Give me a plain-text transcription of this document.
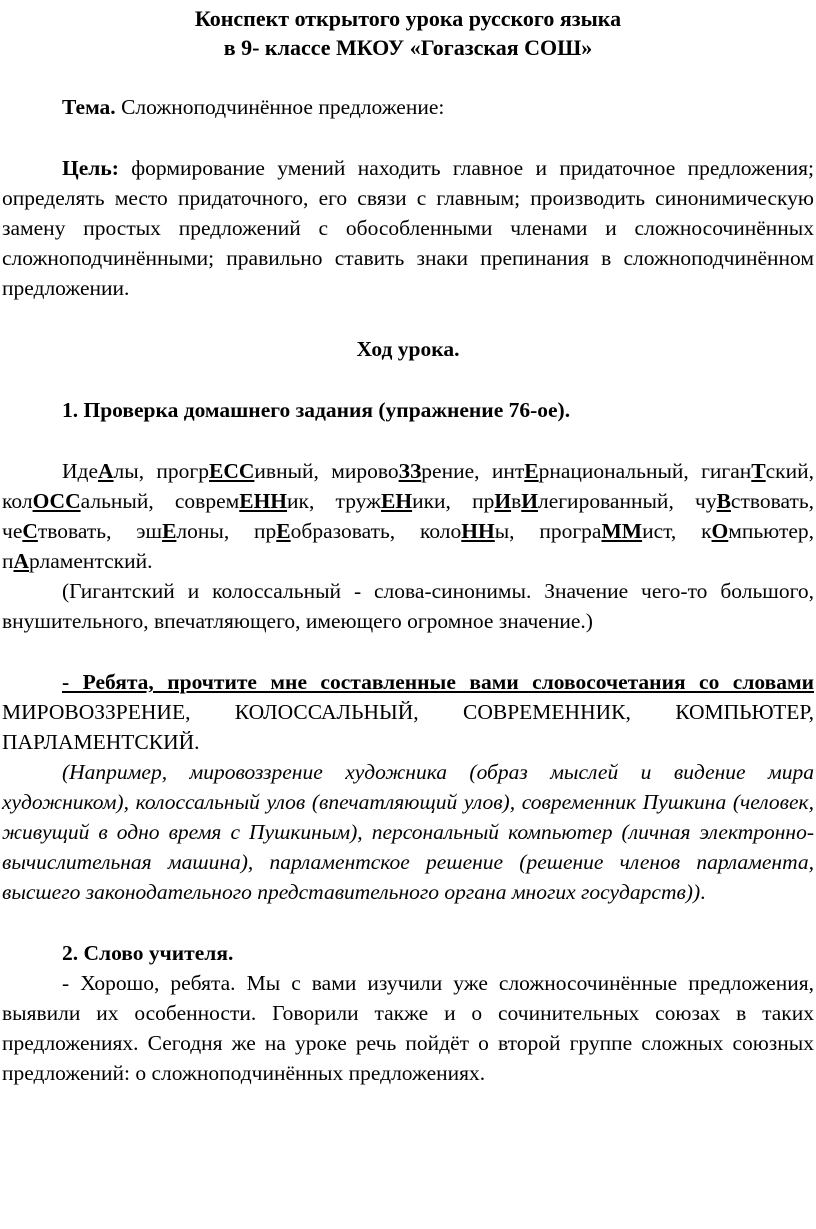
Конспект открытого урока русского языка
в 9- классе МКОУ «Гогазская СОШ»

Тема. Сложноподчинённое предложение:

Цель: формирование умений находить главное и придаточное предложения; определять место придаточного, его связи с главным; производить синонимическую замену простых предложений с обособленными членами и сложносочинённых сложноподчинёнными; правильно ставить знаки препинания в сложноподчинённом предложении.

Ход урока.

1. Проверка домашнего задания (упражнение 76-ое).

ИдеАлы, прогрЕССивный, мировоЗЗрение, интЕрнациональный, гиганТский, колОССальный, совремЕННик, тружЕНики, прИвИлегированный, чуВствовать, чеСтвовать, эшЕлоны, прЕобразовать, колоННы, програММист, кОмпьютер, пАрламентский.

(Гигантский и колоссальный - слова-синонимы. Значение чего-то большого, внушительного, впечатляющего, имеющего огромное значение.)

- Ребята, прочтите мне составленные вами словосочетания со словами МИРОВОЗЗРЕНИЕ, КОЛОССАЛЬНЫЙ, СОВРЕМЕННИК, КОМПЬЮТЕР, ПАРЛАМЕНТСКИЙ.

(Например, мировоззрение художника (образ мыслей и видение мира художником), колоссальный улов (впечатляющий улов), современник Пушкина (человек, живущий в одно время с Пушкиным), персональный компьютер (личная электронно-вычислительная машина), парламентское решение (решение членов парламента, высшего законодательного представительного органа многих государств)).

2. Слово учителя.

- Хорошо, ребята. Мы с вами изучили уже сложносочинённые предложения, выявили их особенности. Говорили также и о сочинительных союзах в таких предложениях. Сегодня же на уроке речь пойдёт о второй группе сложных союзных предложений: о сложноподчинённых предложениях.
